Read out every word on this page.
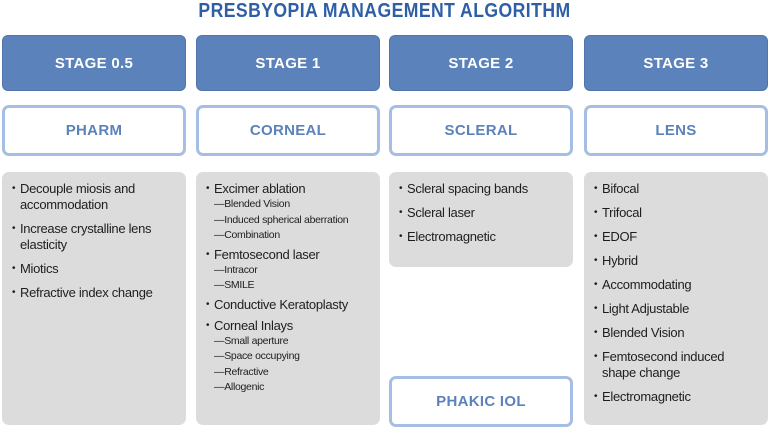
PRESBYOPIA MANAGEMENT ALGORITHM
STAGE 0.5
PHARM
• Decouple miosis and accommodation
• Increase crystalline lens elasticity
• Miotics
• Refractive index change
STAGE 1
CORNEAL
• Excimer ablation
— Blended Vision
— Induced spherical aberration
— Combination
• Femtosecond laser
— Intracor
— SMILE
• Conductive Keratoplasty
• Corneal Inlays
— Small aperture
— Space occupying
— Refractive
— Allogenic
STAGE 2
SCLERAL
• Scleral spacing bands
• Scleral laser
• Electromagnetic
PHAKIC IOL
STAGE 3
LENS
• Bifocal
• Trifocal
• EDOF
• Hybrid
• Accommodating
• Light Adjustable
• Blended Vision
• Femtosecond induced shape change
• Electromagnetic
